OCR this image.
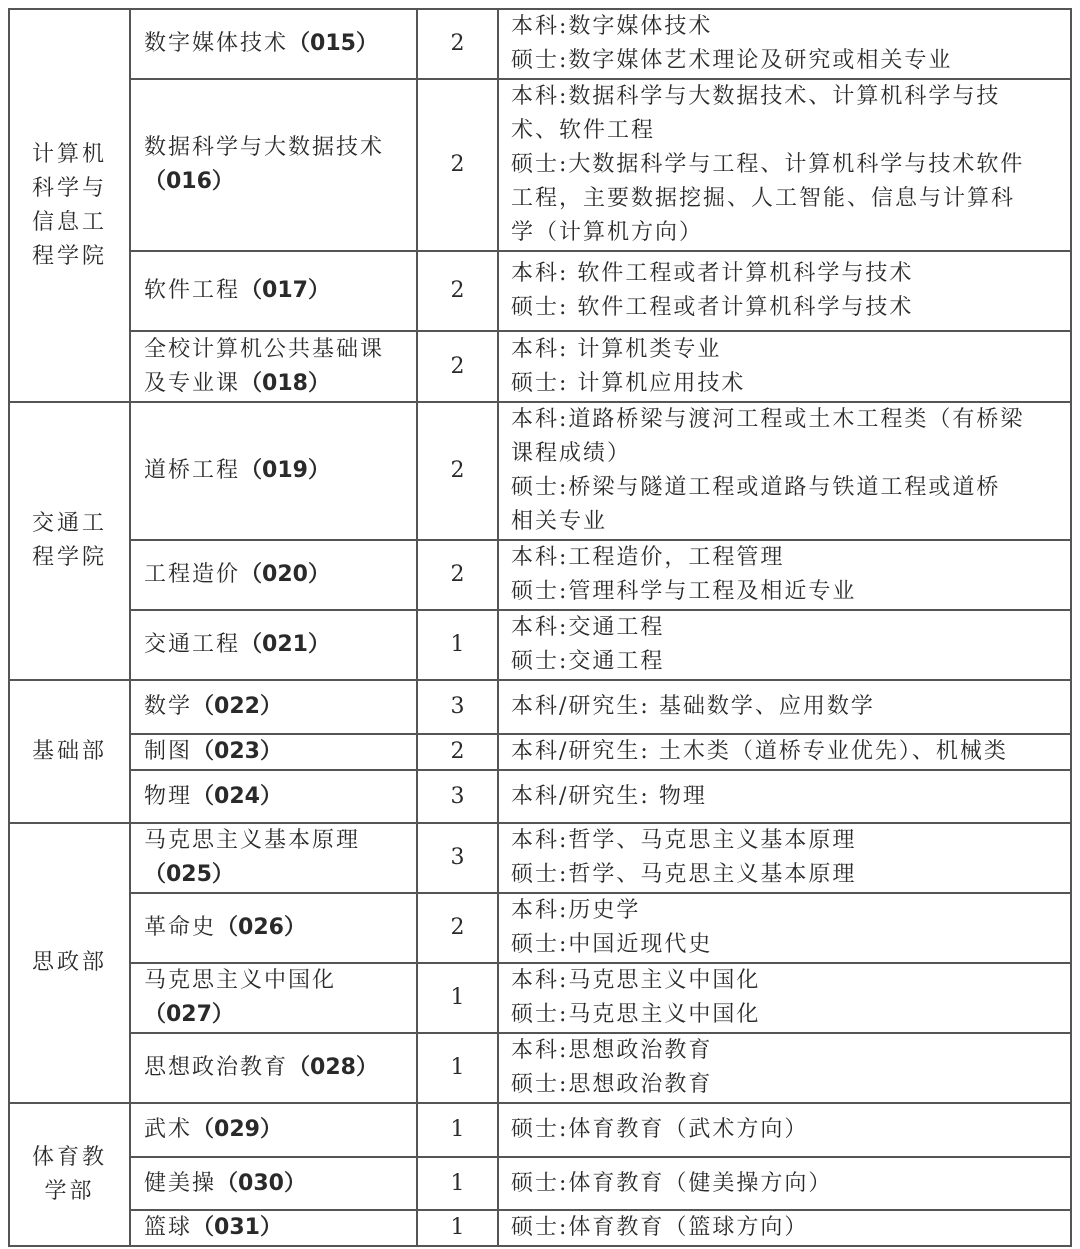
计算机
科学与
信息工
程学院	数字媒体技术（015）	2	本科:数字媒体技术
硕士:数字媒体艺术理论及研究或相关专业

	数据科学与大数据技术
（016）	2	本科:数据科学与大数据技术、计算机科学与技
术、软件工程
硕士:大数据科学与工程、计算机科学与技术软件
工程，主要数据挖掘、人工智能、信息与计算科
学（计算机方向）

	软件工程（017）	2	本科: 软件工程或者计算机科学与技术
硕士: 软件工程或者计算机科学与技术

	全校计算机公共基础课
及专业课（018）	2	本科: 计算机类专业
硕士: 计算机应用技术

交通工
程学院	道桥工程（019）	2	本科:道路桥梁与渡河工程或土木工程类（有桥梁
课程成绩）
硕士:桥梁与隧道工程或道路与铁道工程或道桥
相关专业

	工程造价（020）	2	本科:工程造价，工程管理
硕士:管理科学与工程及相近专业

	交通工程（021）	1	本科:交通工程
硕士:交通工程

基础部	数学（022）	3	本科/研究生: 基础数学、应用数学

	制图（023）	2	本科/研究生: 土木类（道桥专业优先）、机械类

	物理（024）	3	本科/研究生: 物理

思政部	马克思主义基本原理
（025）	3	本科:哲学、马克思主义基本原理
硕士:哲学、马克思主义基本原理

	革命史（026）	2	本科:历史学
硕士:中国近现代史

	马克思主义中国化
（027）	1	本科:马克思主义中国化
硕士:马克思主义中国化

	思想政治教育（028）	1	本科:思想政治教育
硕士:思想政治教育

体育教
学部	武术（029）	1	硕士:体育教育（武术方向）

	健美操（030）	1	硕士:体育教育（健美操方向）

	篮球（031）	1	硕士:体育教育（篮球方向）
